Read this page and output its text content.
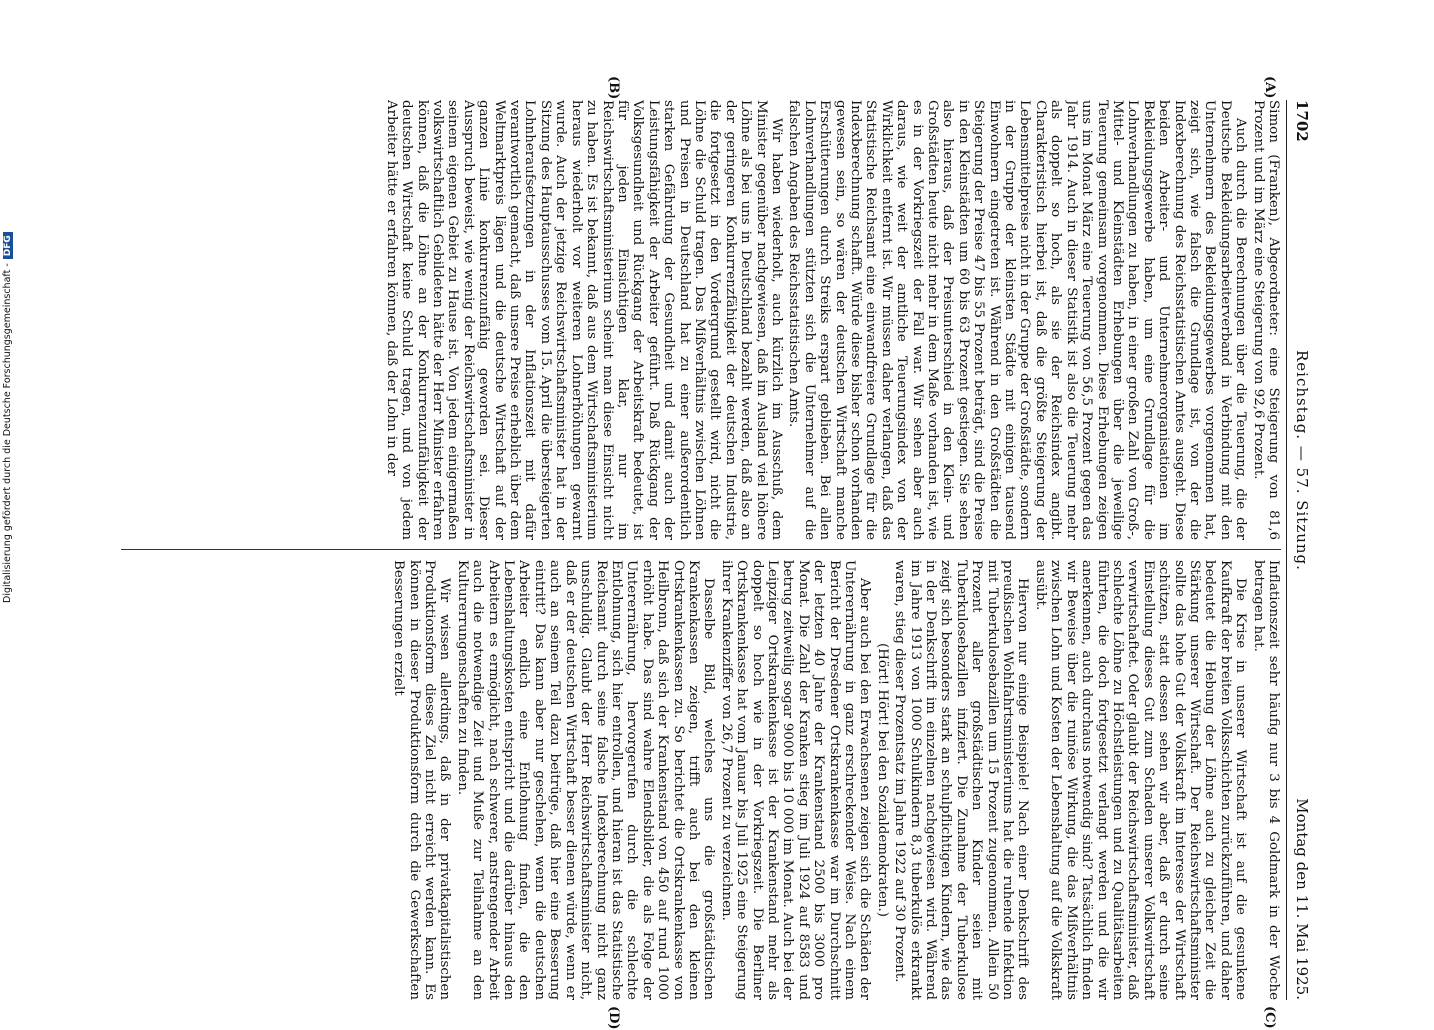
1702
Reichstag. — 57. Sitzung.
Montag den 11. Mai 1925.
(A)
(B)
(C)
(D)

Simon (Franken), Abgeordneter: eine Steigerung von 81,6 Prozent und im März eine Steigerung von 92,6 Prozent.

Auch durch die Berechnungen über die Teuerung, die der Deutsche Bekleidungsarbeiterverband in Verbindung mit den Unternehmern des Bekleidungsgewerbes vorgenommen hat, zeigt sich, wie falsch die Grundlage ist, von der die Indexberechnung des Reichsstatistischen Amtes ausgeht. Diese beiden Arbeiter- und Unternehmerorganisationen im Bekleidungsgewerbe haben, um eine Grundlage für die Lohnverhandlungen zu haben, in einer großen Zahl von Groß-, Mittel- und Kleinstädten Erhebungen über die jeweilige Teuerung gemeinsam vorgenommen. Diese Erhebungen zeigen uns im Monat März eine Teuerung von 56,5 Prozent gegen das Jahr 1914. Auch in dieser Statistik ist also die Teuerung mehr als doppelt so hoch, als sie der Reichsindex angibt. Charakteristisch hierbei ist, daß die größte Steigerung der Lebensmittelpreise nicht in der Gruppe der Großstädte, sondern in der Gruppe der kleinsten Städte mit einigen tausend Einwohnern eingetreten ist. Während in den Großstädten die Steigerung der Preise 47 bis 55 Prozent beträgt, sind die Preise in den Kleinstädten um 60 bis 63 Prozent gestiegen. Sie sehen also hieraus, daß der Preisunterschied in den Klein- und Großstädten heute nicht mehr in dem Maße vorhanden ist, wie es in der Vorkriegszeit der Fall war. Wir sehen aber auch daraus, wie weit der amtliche Teuerungsindex von der Wirklichkeit entfernt ist. Wir müssen daher verlangen, daß das Statistische Reichsamt eine einwandfreiere Grundlage für die Indexberechnung schafft. Würde diese bisher schon vorhanden gewesen sein, so wären der deutschen Wirtschaft manche Erschütterungen durch Streiks erspart geblieben. Bei allen Lohnverhandlungen stützten sich die Unternehmer auf die falschen Angaben des Reichsstatistischen Amts.

Wir haben wiederholt, auch kürzlich im Ausschuß, dem Minister gegenüber nachgewiesen, daß im Ausland viel höhere Löhne als bei uns in Deutschland bezahlt werden, daß also an der geringeren Konkurrenzfähigkeit der deutschen Industrie, die fortgesetzt in den Vordergrund gestellt wird, nicht die Löhne die Schuld tragen. Das Mißverhältnis zwischen Löhnen und Preisen in Deutschland hat zu einer außerordentlich starken Gefährdung der Gesundheit und damit auch der Leistungsfähigkeit der Arbeiter geführt. Daß Rückgang der Volksgesundheit und Rückgang der Arbeitskraft bedeutet, ist für jeden Einsichtigen klar, nur im Reichswirtschaftsministerium scheint man diese Einsicht nicht zu haben. Es ist bekannt, daß aus dem Wirtschaftsministerium heraus wiederholt vor weiteren Lohnerhöhungen gewarnt wurde. Auch der jetzige Reichswirtschaftsminister hat in der Sitzung des Hauptausschusses vom 15. April die übersteigerten Lohnheraufsetzungen in der Inflationszeit mit dafür verantwortlich gemacht, daß unsere Preise erheblich über dem Weltmarktpreis lägen und die deutsche Wirtschaft auf der ganzen Linie konkurrenzunfähig geworden sei. Dieser Ausspruch beweist, wie wenig der Reichswirtschaftsminister in seinem eigenen Gebiet zu Hause ist. Von jedem einigermaßen volkswirtschaftlich Gebildeten hätte der Herr Minister erfahren können, daß die Löhne an der Konkurrenzunfähigkeit der deutschen Wirtschaft keine Schuld tragen, und von jedem Arbeiter hätte er erfahren können, daß der Lohn in der

Inflationszeit sehr häufig nur 3 bis 4 Goldmark in der Woche betragen hat.

Die Krise in unserer Wirtschaft ist auf die gesunkene Kaufkraft der breiten Volksschichten zurückzuführen, und daher bedeutet die Hebung der Löhne auch zu gleicher Zeit die Stärkung unserer Wirtschaft. Der Reichswirtschaftsminister sollte das hohe Gut der Volkskraft im Interesse der Wirtschaft schützen, statt dessen sehen wir aber, daß er durch seine Einstellung dieses Gut zum Schaden unserer Volkswirtschaft verwirtschaftet. Oder glaubt der Reichswirtschaftsminister, daß schlechte Löhne zu Höchstleistungen und zu Qualitätsarbeiten führten, die doch fortgesetzt verlangt werden und die wir anerkennen, auch durchaus notwendig sind? Tatsächlich finden wir Beweise über die ruinöse Wirkung, die das Mißverhältnis zwischen Lohn und Kosten der Lebenshaltung auf die Volkskraft ausübt.

Hiervon nur einige Beispiele! Nach einer Denkschrift des preußischen Wohlfahrtsministeriums hat die ruhende Infektion mit Tuberkulosebazillen um 15 Prozent zugenommen. Allein 50 Prozent aller großstädtischen Kinder seien mit Tuberkulosebazillen infiziert. Die Zunahme der Tuberkulose zeigt sich besonders stark an schulpflichtigen Kindern, wie das in der Denkschrift im einzelnen nachgewiesen wird. Während im Jahre 1913 von 1000 Schulkindern 8,3 tuberkulös erkrankt waren, stieg dieser Prozentsatz im Jahre 1922 auf 30 Prozent.

(Hört! Hört! bei den Sozialdemokraten.)

Aber auch bei den Erwachsenen zeigen sich die Schäden der Unterernährung in ganz erschreckender Weise. Nach einem Bericht der Dresdener Ortskrankenkasse war im Durchschnitt der letzten 40 Jahre der Krankenstand 2500 bis 3000 pro Monat. Die Zahl der Kranken stieg im Juli 1924 auf 8583 und betrug zeitweilig sogar 9000 bis 10 000 im Monat. Auch bei der Leipziger Ortskrankenkasse ist der Krankenstand mehr als doppelt so hoch wie in der Vorkriegszeit. Die Berliner Ortskrankenkasse hat vom Januar bis Juli 1925 eine Steigerung ihrer Krankenziffer von 26,7 Prozent zu verzeichnen.

Dasselbe Bild, welches uns die großstädtischen Krankenkassen zeigen, trifft auch bei den kleinen Ortskrankenkassen zu. So berichtet die Ortskrankenkasse von Heilbronn, daß sich der Krankenstand von 450 auf rund 1000 erhöht habe. Das sind wahre Elendsbilder, die als Folge der Unterernährung, hervorgerufen durch die schlechte Entlohnung, sich hier entrollen, und hieran ist das Statistische Reichsamt durch seine falsche Indexberechnung nicht ganz unschuldig. Glaubt der Herr Reichswirtschaftsminister nicht, daß er der deutschen Wirtschaft besser dienen würde, wenn er auch an seinem Teil dazu beitrüge, daß hier eine Besserung eintritt? Das kann aber nur geschehen, wenn die deutschen Arbeiter endlich eine Entlohnung finden, die den Lebenshaltungskosten entspricht und die darüber hinaus den Arbeitern es ermöglicht, nach schwerer, anstrengender Arbeit auch die notwendige Zeit und Muße zur Teilnahme an den Kulturerrungenschaften zu finden.

Wir wissen allerdings, daß in der privatkapitalistischen Produktionsform dieses Ziel nicht erreicht werden kann. Es können in dieser Produktionsform durch die Gewerkschaften Besserungen erzielt

Digitalisierung gefördert durch die Deutsche Forschungsgemeinschaft -DFG
